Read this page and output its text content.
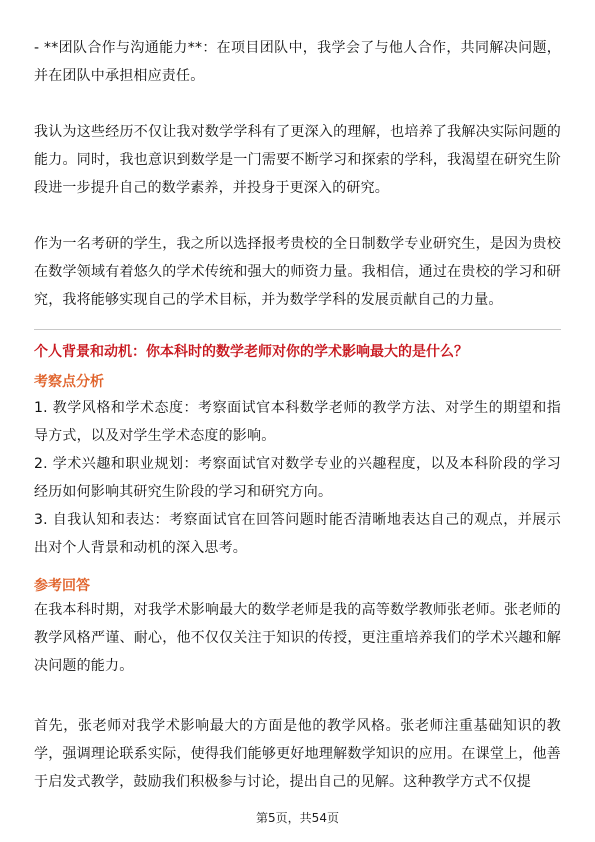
- **团队合作与沟通能力**：在项目团队中，我学会了与他人合作，共同解决问题，并在团队中承担相应责任。

我认为这些经历不仅让我对数学学科有了更深入的理解，也培养了我解决实际问题的能力。同时，我也意识到数学是一门需要不断学习和探索的学科，我渴望在研究生阶段进一步提升自己的数学素养，并投身于更深入的研究。

作为一名考研的学生，我之所以选择报考贵校的全日制数学专业研究生，是因为贵校在数学领域有着悠久的学术传统和强大的师资力量。我相信，通过在贵校的学习和研究，我将能够实现自己的学术目标，并为数学学科的发展贡献自己的力量。

个人背景和动机：你本科时的数学老师对你的学术影响最大的是什么？

考察点分析

1. 教学风格和学术态度：考察面试官本科数学老师的教学方法、对学生的期望和指导方式，以及对学生学术态度的影响。

2. 学术兴趣和职业规划：考察面试官对数学专业的兴趣程度，以及本科阶段的学习经历如何影响其研究生阶段的学习和研究方向。

3. 自我认知和表达：考察面试官在回答问题时能否清晰地表达自己的观点，并展示出对个人背景和动机的深入思考。

参考回答

在我本科时期，对我学术影响最大的数学老师是我的高等数学教师张老师。张老师的教学风格严谨、耐心，他不仅仅关注于知识的传授，更注重培养我们的学术兴趣和解决问题的能力。

首先，张老师对我学术影响最大的方面是他的教学风格。张老师注重基础知识的教学，强调理论联系实际，使得我们能够更好地理解数学知识的应用。在课堂上，他善于启发式教学，鼓励我们积极参与讨论，提出自己的见解。这种教学方式不仅提

第5页，共54页
